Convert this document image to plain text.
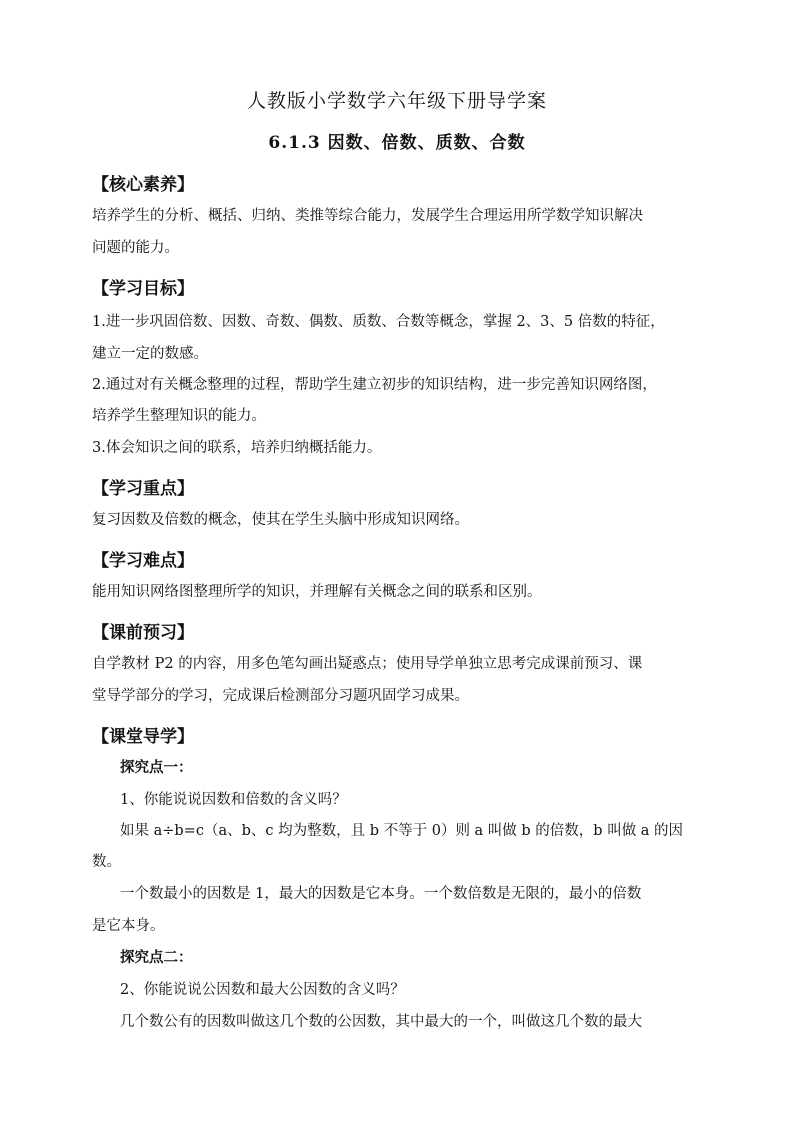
人教版小学数学六年级下册导学案
6.1.3 因数、倍数、质数、合数
【核心素养】
培养学生的分析、概括、归纳、类推等综合能力，发展学生合理运用所学数学知识解决
问题的能力。
【学习目标】
1.进一步巩固倍数、因数、奇数、偶数、质数、合数等概念，掌握 2、3、5 倍数的特征，
建立一定的数感。
2.通过对有关概念整理的过程，帮助学生建立初步的知识结构，进一步完善知识网络图，
培养学生整理知识的能力。
3.体会知识之间的联系，培养归纳概括能力。
【学习重点】
复习因数及倍数的概念，使其在学生头脑中形成知识网络。
【学习难点】
能用知识网络图整理所学的知识，并理解有关概念之间的联系和区别。
【课前预习】
自学教材 P2 的内容，用多色笔勾画出疑惑点；使用导学单独立思考完成课前预习、课
堂导学部分的学习，完成课后检测部分习题巩固学习成果。
【课堂导学】
探究点一：
1、你能说说因数和倍数的含义吗？
如果 a÷b=c（a、b、c 均为整数，且 b 不等于 0）则 a 叫做 b 的倍数，b 叫做 a 的因
数。
一个数最小的因数是 1，最大的因数是它本身。一个数倍数是无限的，最小的倍数
是它本身。
探究点二：
2、你能说说公因数和最大公因数的含义吗？
几个数公有的因数叫做这几个数的公因数，其中最大的一个，叫做这几个数的最大
